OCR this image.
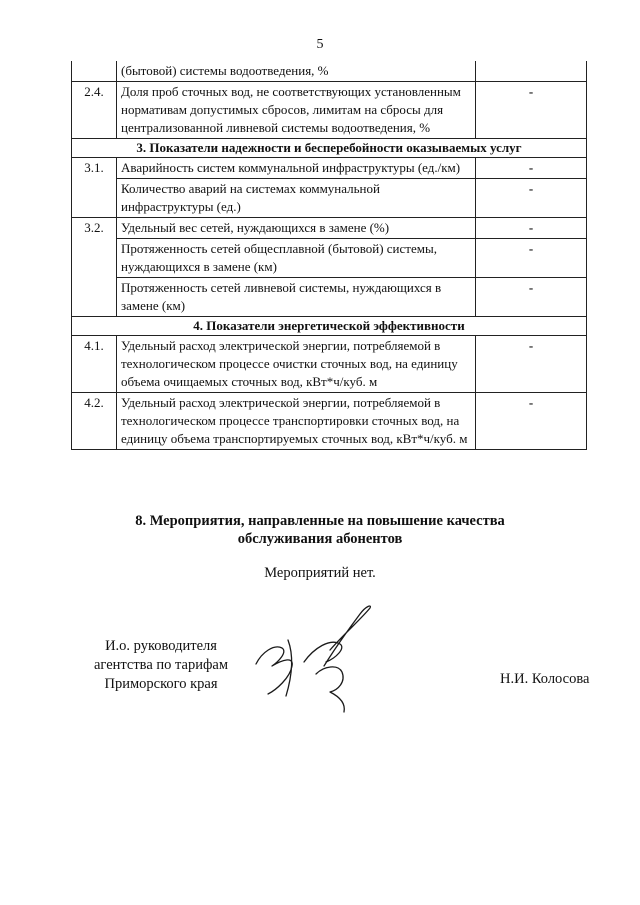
5
	(бытовой) системы водоотведения, %	
2.4.	Доля проб сточных вод, не соответствующих установленным нормативам допустимых сбросов, лимитам на сбросы для централизованной ливневой системы водоотведения, %	-
3. Показатели надежности и бесперебойности оказываемых услуг		
3.1.	Аварийность систем коммунальной инфраструктуры (ед./км)	-
	Количество аварий на системах коммунальной инфраструктуры (ед.)	-
3.2.	Удельный вес сетей, нуждающихся в замене (%)	-
	Протяженность сетей общесплавной (бытовой) системы, нуждающихся в замене (км)	-
	Протяженность сетей ливневой системы, нуждающихся в замене (км)	-
4. Показатели энергетической эффективности		
4.1.	Удельный расход электрической энергии, потребляемой в технологическом процессе очистки сточных вод, на единицу объема очищаемых сточных вод, кВт*ч/куб. м	-
4.2.	Удельный расход электрической энергии, потребляемой в технологическом процессе транспортировки сточных вод, на единицу объема транспортируемых сточных вод, кВт*ч/куб. м	-
8. Мероприятия, направленные на повышение качества
обслуживания абонентов
Мероприятий нет.
И.о. руководителя
агентства по тарифам
Приморского края	Н.И. Колосова
